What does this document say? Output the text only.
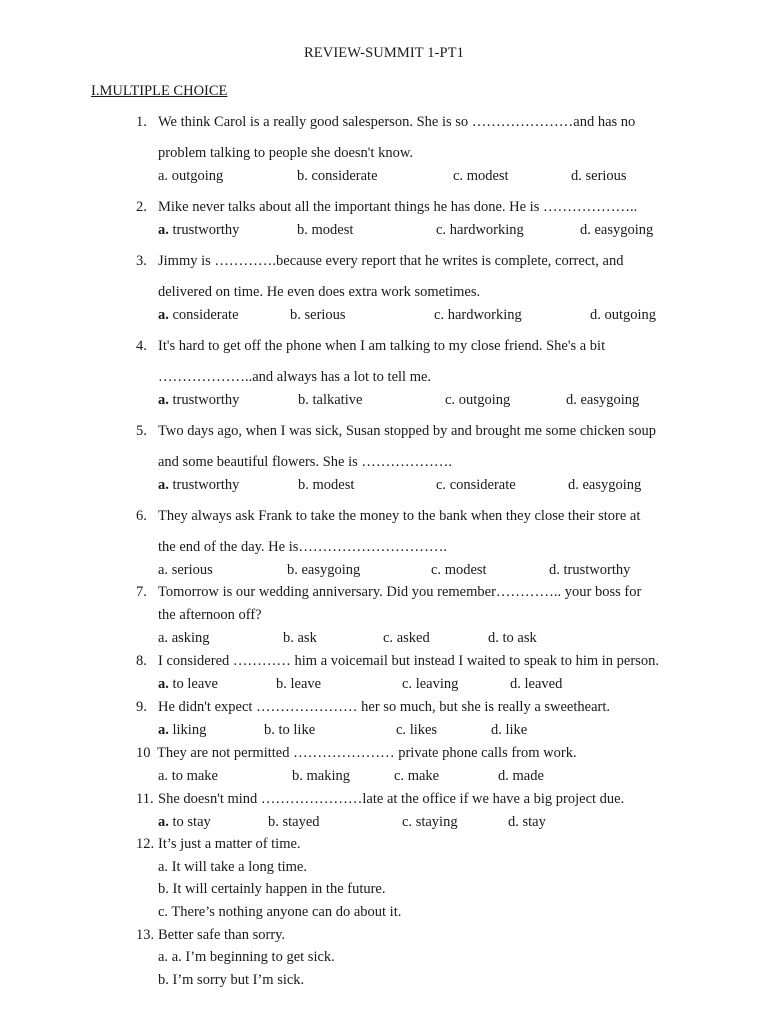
REVIEW-SUMMIT 1-PT1
I.MULTIPLE CHOICE
1. We think Carol is a really good salesperson. She is so …………………and has no
problem talking to people she doesn't know.
a. outgoing	b. considerate	c. modest	d. serious
2. Mike never talks about all the important things he has done. He is ………………..
a. trustworthy	b. modest	c. hardworking	d. easygoing
3. Jimmy is ………….because every report that he writes is complete, correct, and
delivered on time. He even does extra work sometimes.
a. considerate	b. serious	c. hardworking	d. outgoing
4. It's hard to get off the phone when I am talking to my close friend. She's a bit
………………..and always has a lot to tell me.
a. trustworthy	b. talkative	c. outgoing	d. easygoing
5. Two days ago, when I was sick, Susan stopped by and brought me some chicken soup
and some beautiful flowers. She is ……………….
a. trustworthy	b. modest	c. considerate	d. easygoing
6. They always ask Frank to take the money to the bank when they close their store at
the end of the day. He is………………………….
a. serious	b. easygoing	c. modest	d. trustworthy
7. Tomorrow is our wedding anniversary. Did you remember………….. your boss for
the afternoon off?
a. asking	b. ask	c. asked	d. to ask
8. I considered ………… him a voicemail but instead I waited to speak to him in person.
a. to leave	b. leave	c. leaving	d. leaved
9. He didn't expect ………………… her so much, but she is really a sweetheart.
a. liking	b. to like	c. likes	d. like
10 They are not permitted ………………… private phone calls from work.
a. to make	b. making	c. make	d. made
11. She doesn't mind …………………late at the office if we have a big project due.
a. to stay	b. stayed	c. staying	d. stay
12. It’s just a matter of time.
a. It will take a long time.
b. It will certainly happen in the future.
c. There’s nothing anyone can do about it.
13. Better safe than sorry.
a. a. I’m beginning to get sick.
b. I’m sorry but I’m sick.
